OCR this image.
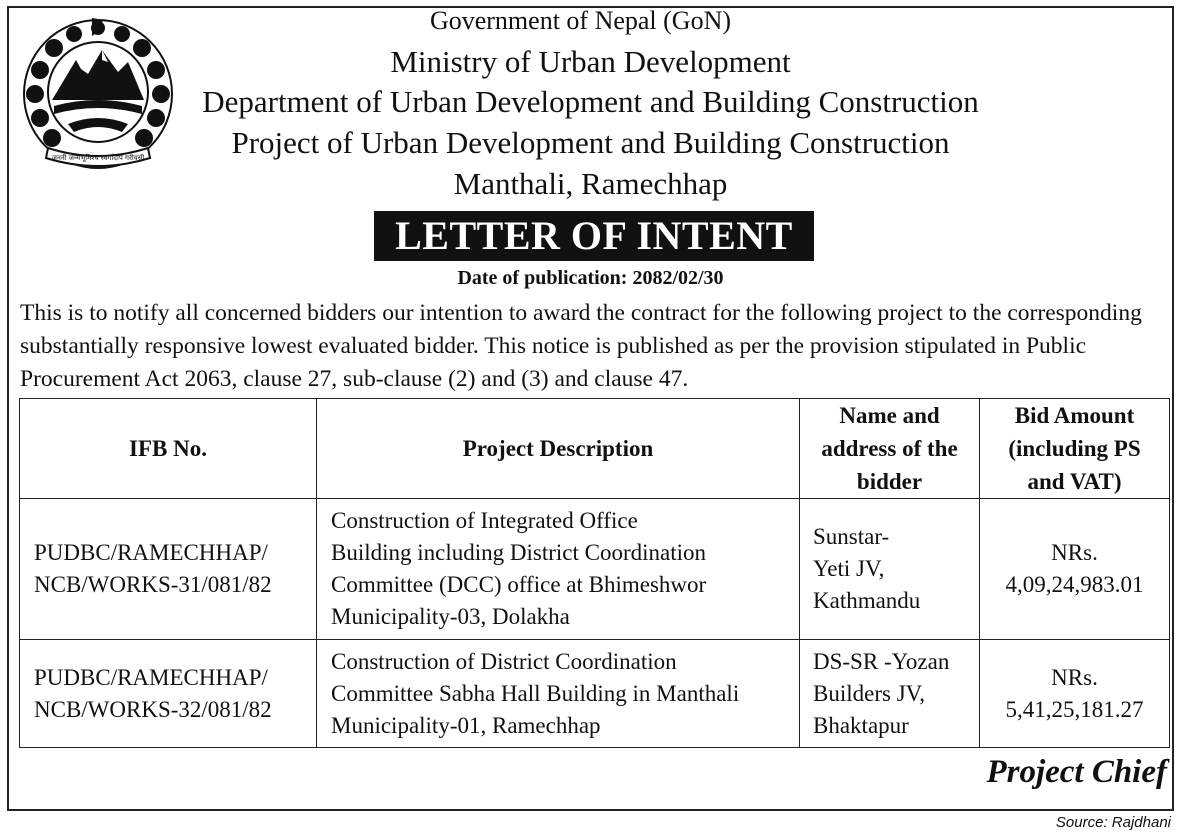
जननी जन्मभूमिश्च स्वर्गादपि गरीयसी
Government of Nepal (GoN)
Ministry of Urban Development
Department of Urban Development and Building Construction
Project of Urban Development and Building Construction
Manthali, Ramechhap
LETTER OF INTENT
Date of publication: 2082/02/30
This is to notify all concerned bidders our intention to award the contract for the following project to the corresponding
substantially responsive lowest evaluated bidder. This notice is published as per the provision stipulated in Public
Procurement Act 2063, clause 27, sub-clause (2) and (3) and clause 47.
IFB No.	Project Description	Name and
address of the
bidder	Bid Amount
(including PS
and VAT)

PUDBC/RAMECHHAP/
NCB/WORKS-31/081/82	Construction of Integrated Office
Building including District Coordination
Committee (DCC) office at Bhimeshwor
Municipality-03, Dolakha	Sunstar-
Yeti JV,
Kathmandu	NRs.
4,09,24,983.01

PUDBC/RAMECHHAP/
NCB/WORKS-32/081/82	Construction of District Coordination
Committee Sabha Hall Building in Manthali
Municipality-01, Ramechhap	DS-SR -Yozan
Builders JV,
Bhaktapur	NRs.
5,41,25,181.27
Project Chief
Source: Rajdhani
